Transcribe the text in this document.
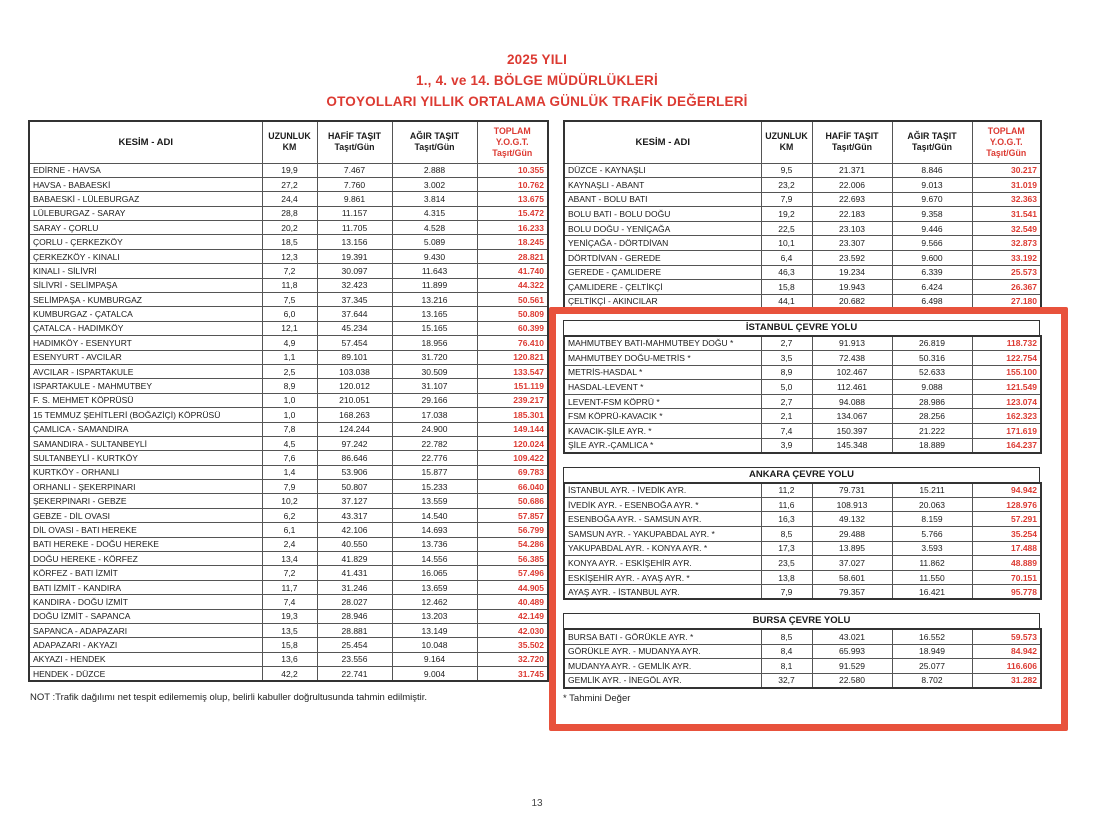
2025 YILI
1., 4. ve 14. BÖLGE MÜDÜRLÜKLERİ
OTOYOLLARI YILLIK ORTALAMA GÜNLÜK TRAFİK DEĞERLERİ
KESİM - ADI	
UZUNLUK
KM

HAFİF TAŞIT
Taşıt/Gün

AĞIR TAŞIT
Taşıt/Gün

TOPLAM
Y.O.G.T.
Taşıt/Gün

EDİRNE - HAVSA	19,9	7.467	2.888	10.355
HAVSA - BABAESKİ	27,2	7.760	3.002	10.762
BABAESKİ - LÜLEBURGAZ	24,4	9.861	3.814	13.675
LÜLEBURGAZ - SARAY	28,8	11.157	4.315	15.472
SARAY - ÇORLU	20,2	11.705	4.528	16.233
ÇORLU - ÇERKEZKÖY	18,5	13.156	5.089	18.245
ÇERKEZKÖY - KINALI	12,3	19.391	9.430	28.821
KINALI - SİLİVRİ	7,2	30.097	11.643	41.740
SİLİVRİ - SELİMPAŞA	11,8	32.423	11.899	44.322
SELİMPAŞA - KUMBURGAZ	7,5	37.345	13.216	50.561
KUMBURGAZ - ÇATALCA	6,0	37.644	13.165	50.809
ÇATALCA - HADIMKÖY	12,1	45.234	15.165	60.399
HADIMKÖY - ESENYURT	4,9	57.454	18.956	76.410
ESENYURT - AVCILAR	1,1	89.101	31.720	120.821
AVCILAR - ISPARTAKULE	2,5	103.038	30.509	133.547
ISPARTAKULE - MAHMUTBEY	8,9	120.012	31.107	151.119
F. S. MEHMET KÖPRÜSÜ	1,0	210.051	29.166	239.217
15 TEMMUZ ŞEHİTLERİ (BOĞAZİÇİ) KÖPRÜSÜ	1,0	168.263	17.038	185.301
ÇAMLICA - SAMANDIRA	7,8	124.244	24.900	149.144
SAMANDIRA - SULTANBEYLİ	4,5	97.242	22.782	120.024
SULTANBEYLİ - KURTKÖY	7,6	86.646	22.776	109.422
KURTKÖY - ORHANLI	1,4	53.906	15.877	69.783
ORHANLI - ŞEKERPINARI	7,9	50.807	15.233	66.040
ŞEKERPINARI - GEBZE	10,2	37.127	13.559	50.686
GEBZE - DİL OVASI	6,2	43.317	14.540	57.857
DİL OVASI - BATI HEREKE	6,1	42.106	14.693	56.799
BATI HEREKE - DOĞU HEREKE	2,4	40.550	13.736	54.286
DOĞU HEREKE - KÖRFEZ	13,4	41.829	14.556	56.385
KÖRFEZ - BATI İZMİT	7,2	41.431	16.065	57.496
BATI İZMİT - KANDIRA	11,7	31.246	13.659	44.905
KANDIRA - DOĞU İZMİT	7,4	28.027	12.462	40.489
DOĞU İZMİT - SAPANCA	19,3	28.946	13.203	42.149
SAPANCA - ADAPAZARI	13,5	28.881	13.149	42.030
ADAPAZARI - AKYAZI	15,8	25.454	10.048	35.502
AKYAZI - HENDEK	13,6	23.556	9.164	32.720
HENDEK - DÜZCE	42,2	22.741	9.004	31.745
KESİM - ADI	
UZUNLUK
KM

HAFİF TAŞIT
Taşıt/Gün

AĞIR TAŞIT
Taşıt/Gün

TOPLAM
Y.O.G.T.
Taşıt/Gün

DÜZCE - KAYNAŞLI	9,5	21.371	8.846	30.217
KAYNAŞLI - ABANT	23,2	22.006	9.013	31.019
ABANT - BOLU BATI	7,9	22.693	9.670	32.363
BOLU BATI - BOLU DOĞU	19,2	22.183	9.358	31.541
BOLU DOĞU - YENİÇAĞA	22,5	23.103	9.446	32.549
YENİÇAĞA - DÖRTDİVAN	10,1	23.307	9.566	32.873
DÖRTDİVAN - GEREDE	6,4	23.592	9.600	33.192
GEREDE - ÇAMLIDERE	46,3	19.234	6.339	25.573
ÇAMLIDERE - ÇELTİKÇİ	15,8	19.943	6.424	26.367
ÇELTİKÇİ - AKINCILAR	44,1	20.682	6.498	27.180
İSTANBUL ÇEVRE YOLU
MAHMUTBEY BATI-MAHMUTBEY DOĞU *	2,7	91.913	26.819	118.732
MAHMUTBEY DOĞU-METRİS *	3,5	72.438	50.316	122.754
METRİS-HASDAL *	8,9	102.467	52.633	155.100
HASDAL-LEVENT *	5,0	112.461	9.088	121.549
LEVENT-FSM KÖPRÜ *	2,7	94.088	28.986	123.074
FSM KÖPRÜ-KAVACIK *	2,1	134.067	28.256	162.323
KAVACIK-ŞİLE AYR. *	7,4	150.397	21.222	171.619
ŞİLE AYR.-ÇAMLICA *	3,9	145.348	18.889	164.237
ANKARA ÇEVRE YOLU
İSTANBUL AYR. - İVEDİK AYR.	11,2	79.731	15.211	94.942
İVEDİK AYR. - ESENBOĞA AYR. *	11,6	108.913	20.063	128.976
ESENBOĞA AYR. - SAMSUN AYR.	16,3	49.132	8.159	57.291
SAMSUN AYR. - YAKUPABDAL AYR. *	8,5	29.488	5.766	35.254
YAKUPABDAL AYR. - KONYA AYR. *	17,3	13.895	3.593	17.488
KONYA AYR. - ESKİŞEHİR AYR.	23,5	37.027	11.862	48.889
ESKİŞEHİR AYR. - AYAŞ AYR. *	13,8	58.601	11.550	70.151
AYAŞ AYR. - İSTANBUL AYR.	7,9	79.357	16.421	95.778
BURSA ÇEVRE YOLU
BURSA BATI - GÖRÜKLE AYR. *	8,5	43.021	16.552	59.573
GÖRÜKLE AYR. - MUDANYA AYR.	8,4	65.993	18.949	84.942
MUDANYA AYR. - GEMLİK AYR.	8,1	91.529	25.077	116.606
GEMLİK AYR. - İNEGÖL AYR.	32,7	22.580	8.702	31.282
NOT :Trafik dağılımı net tespit edilememiş olup, belirli kabuller doğrultusunda tahmin edilmiştir.	* Tahmini Değer
13
